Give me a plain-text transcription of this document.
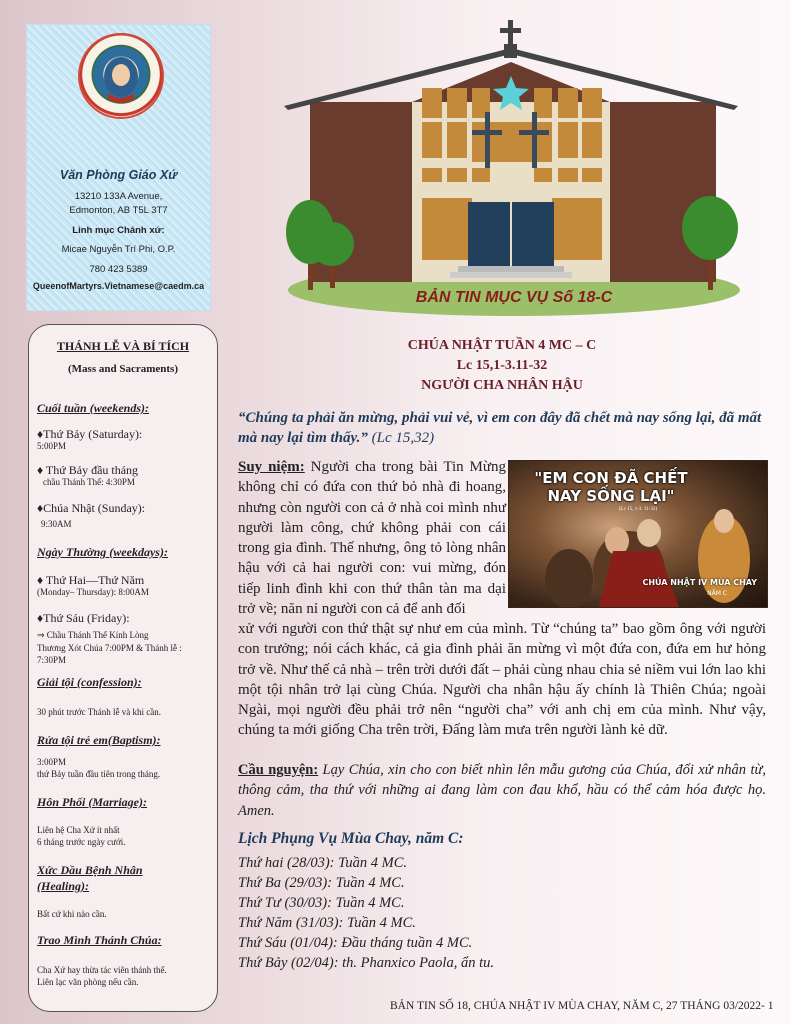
Văn Phòng Giáo Xứ
13210 133A Avenue,
Edmonton, AB T5L 3T7
Linh mục Chánh xứ:
Micae Nguyễn Trí Phi, O.P.
780 423 5389
QueenofMartyrs.Vietnamese@caedm.ca
THÁNH LỄ VÀ BÍ TÍCH
(Mass and Sacraments)
Cuối tuần (weekends):
♦Thứ Bảy (Saturday):
5:00PM
♦ Thứ Bảy đầu tháng
chầu Thánh Thể: 4:30PM
♦Chúa Nhật (Sunday):
9:30AM
Ngày Thường (weekdays):
♦ Thứ Hai—Thứ Năm
(Monday– Thursday): 8:00AM
♦Thứ Sáu (Friday):
⇒ Chầu Thánh Thể Kính Lòng
Thương Xót Chúa 7:00PM & Thánh lễ :
7:30PM
Giải tội (confession):
30 phút trước Thánh lễ và khi cần.
Rửa tội trẻ em(Baptism):
3:00PM
thứ Bảy tuần đầu tiên trong tháng.
Hôn Phối (Marriage):
Liên hệ Cha Xứ ít nhất
6 tháng trước ngày cưới.
Xức Dầu Bệnh Nhân
(Healing):
Bất cứ khi nào cần.
Trao Mình Thánh Chúa:
Cha Xứ hay thừa tác viên thánh thể.
Liên lạc văn phòng nếu cần.
BẢN TIN MỤC VỤ Số 18-C
CHÚA NHẬT TUẦN 4 MC – C
Lc 15,1-3.11-32
NGƯỜI CHA NHÂN HẬU
“Chúng ta phải ăn mừng, phải vui vẻ, vì em con đây đã chết mà nay sống lại, đã mất mà nay lại tìm thấy.” (Lc 15,32)
Suy niệm: Người cha trong bài Tin Mừng không chỉ có đứa con thứ bỏ nhà đi hoang, nhưng còn người con cả ở nhà coi mình như người làm công, chứ không phải con cái trong gia đình. Thế nhưng, ông tỏ lòng nhân hậu với cả hai người con: vui mừng, đón tiếp linh đình khi con thứ thân tàn ma dại trở về; năn nỉ người con cả để anh đối
"EM CON ĐÃ CHẾT NAY SỐNG LẠI"
(Lc 15, 1-3. 11-32)
CHÚA NHẬT IV MÙA CHAY
NĂM C
xử với người con thứ thật sự như em của mình. Từ “chúng ta” bao gồm ông với người con trưởng; nói cách khác, cả gia đình phải ăn mừng vì một đứa con, đứa em hư hỏng trở về. Như thế cả nhà – trên trời dưới đất – phải cùng nhau chia sẻ niềm vui lớn lao khi một tội nhân trở lại cùng Chúa. Người cha nhân hậu ấy chính là Thiên Chúa; ngoài Ngài, mọi người đều phải trở nên “người cha” với anh chị em của mình. Như vậy, chúng ta mới giống Cha trên trời, Đấng làm mưa trên người lành kẻ dữ.
Cầu nguyện: Lạy Chúa, xin cho con biết nhìn lên mẫu gương của Chúa, đối xử nhân từ, thông cảm, tha thứ với những ai đang làm con đau khổ, hầu có thể cảm hóa được họ. Amen.
Lịch Phụng Vụ Mùa Chay, năm C:
Thứ hai (28/03): Tuần 4 MC.
Thứ Ba (29/03): Tuần 4 MC.
Thứ Tư (30/03): Tuần 4 MC.
Thứ Năm (31/03): Tuần 4 MC.
Thứ Sáu (01/04): Đầu tháng tuần 4 MC.
Thứ Bảy (02/04): th. Phanxico Paola, ẩn tu.
BẢN TIN SỐ 18, CHÚA NHẬT IV MÙA CHAY, NĂM C, 27 THÁNG 03/2022- 1
